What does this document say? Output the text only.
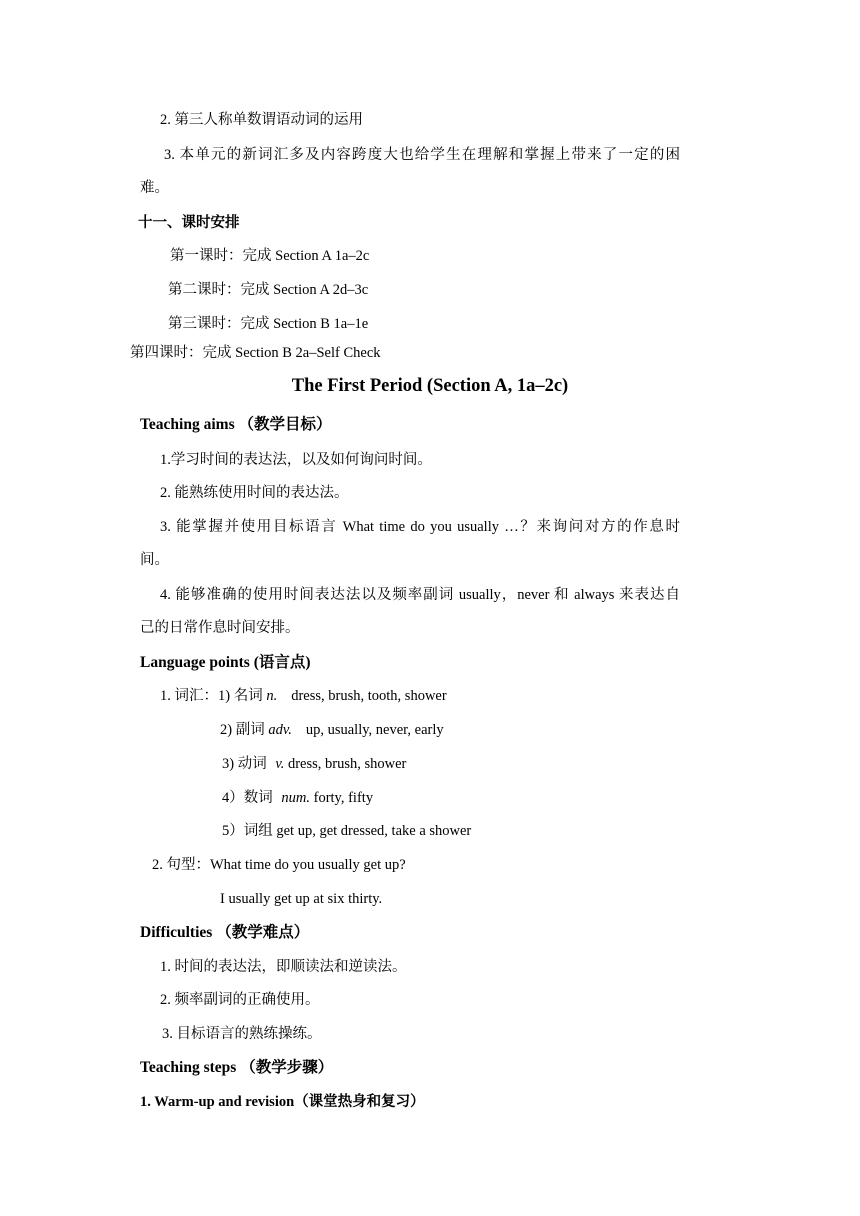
2. 第三人称单数谓语动词的运用
3. 本单元的新词汇多及内容跨度大也给学生在理解和掌握上带来了一定的困
难。
十一、课时安排
第一课时：完成 Section A 1a–2c
第二课时：完成 Section A 2d–3c
第三课时：完成 Section B 1a–1e
第四课时：完成 Section B 2a–Self Check
The First Period (Section A, 1a–2c)
Teaching aims （教学目标）
1.学习时间的表达法，以及如何询问时间。
2. 能熟练使用时间的表达法。
3. 能掌握并使用目标语言 What time do you usually …？来询问对方的作息时
间。
4. 能够准确的使用时间表达法以及频率副词 usually，never 和 always 来表达自
己的日常作息时间安排。
Language points (语言点)
1. 词汇：1) 名词 n. dress, brush, tooth, shower
2) 副词 adv. up, usually, never, early
3) 动词 v. dress, brush, shower
4）数词 num. forty, fifty
5）词组 get up, get dressed, take a shower
2. 句型：What time do you usually get up?
I usually get up at six thirty.
Difficulties （教学难点）
1. 时间的表达法，即顺读法和逆读法。
2. 频率副词的正确使用。
3. 目标语言的熟练操练。
Teaching steps （教学步骤）
1. Warm-up and revision（课堂热身和复习）
